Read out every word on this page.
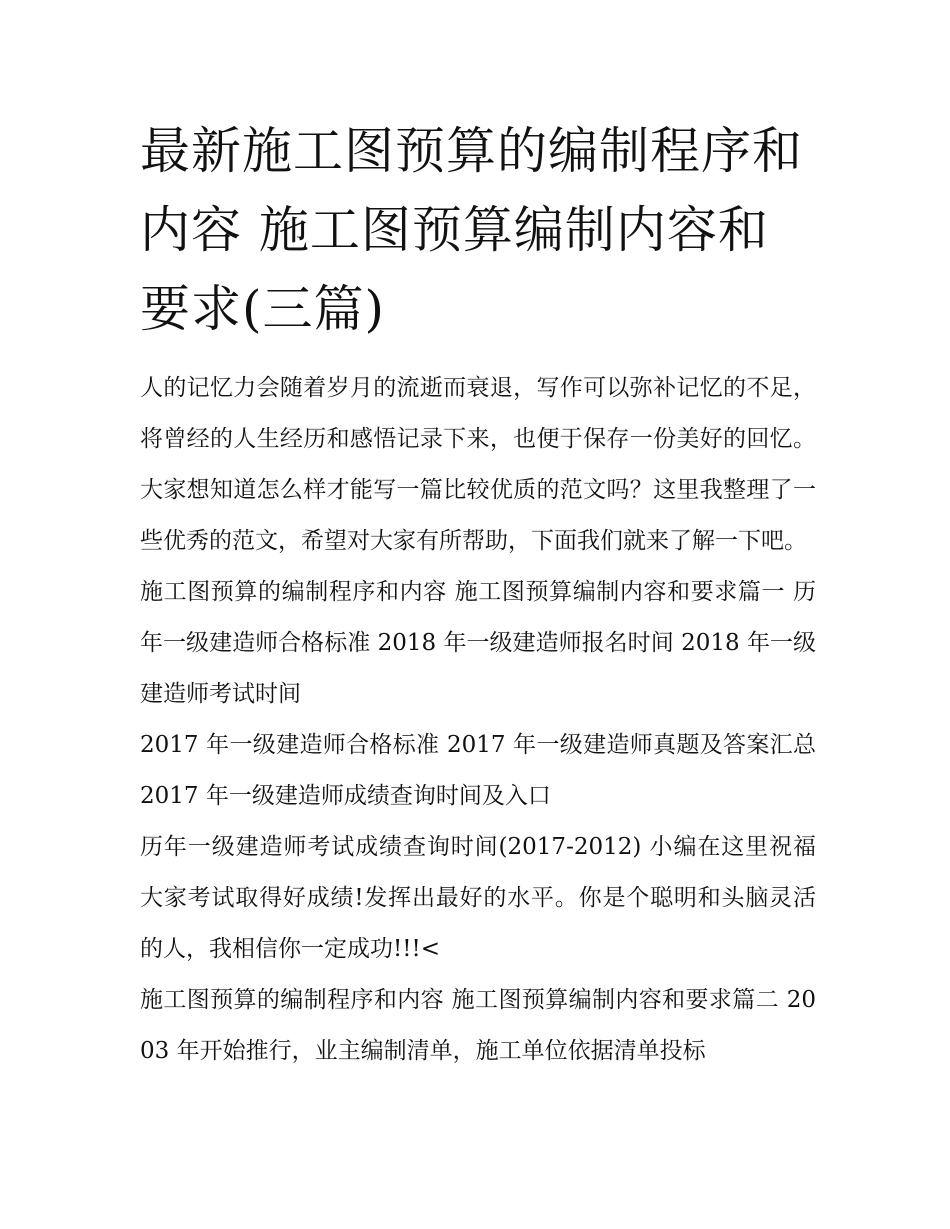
最新施工图预算的编制程序和内容 施工图预算编制内容和要求(三篇)

人的记忆力会随着岁月的流逝而衰退，写作可以弥补记忆的不足，将曾经的人生经历和感悟记录下来，也便于保存一份美好的回忆。大家想知道怎么样才能写一篇比较优质的范文吗？这里我整理了一些优秀的范文，希望对大家有所帮助，下面我们就来了解一下吧。

施工图预算的编制程序和内容 施工图预算编制内容和要求篇一 历年一级建造师合格标准 2018 年一级建造师报名时间 2018 年一级建造师考试时间

2017 年一级建造师合格标准 2017 年一级建造师真题及答案汇总 2017 年一级建造师成绩查询时间及入口

历年一级建造师考试成绩查询时间(2017-2012) 小编在这里祝福大家考试取得好成绩!发挥出最好的水平。你是个聪明和头脑灵活的人，我相信你一定成功!!!<

施工图预算的编制程序和内容 施工图预算编制内容和要求篇二 2003 年开始推行，业主编制清单，施工单位依据清单投标
